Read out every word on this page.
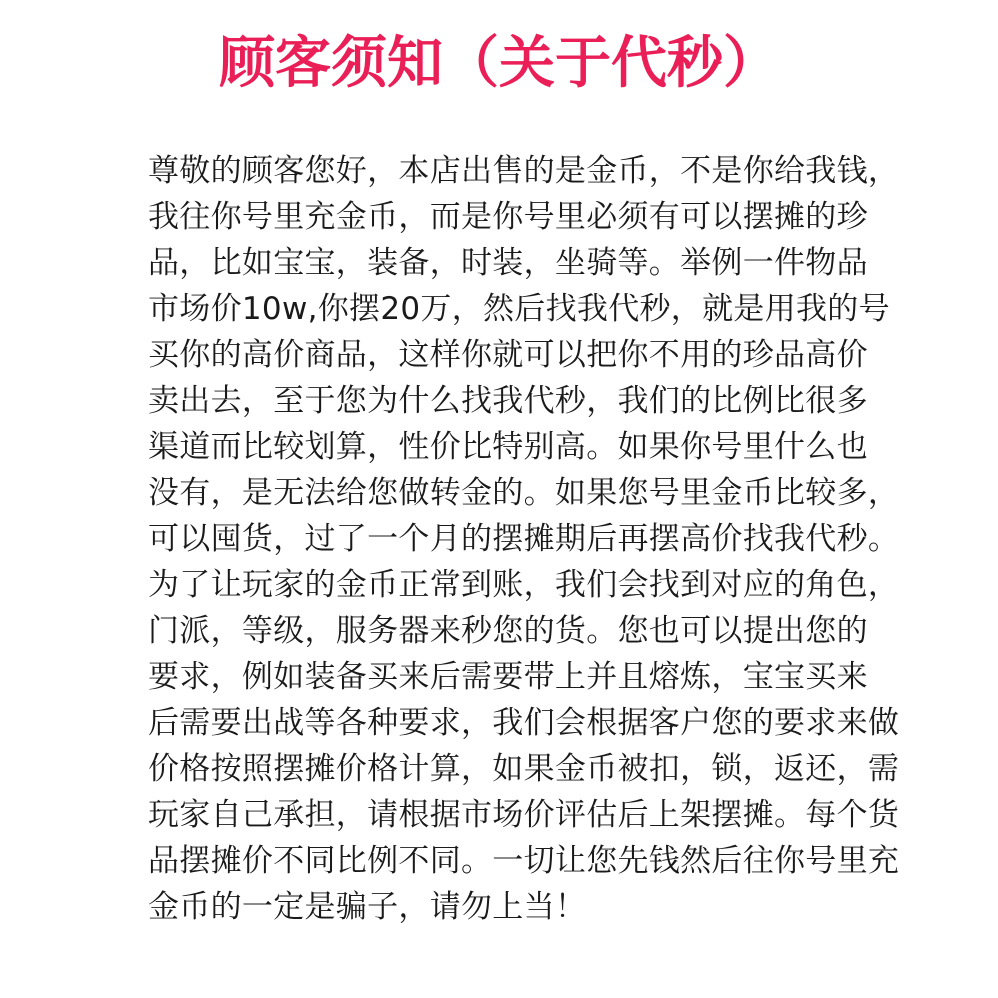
顾客须知（关于代秒）
尊敬的顾客您好，本店出售的是金币，不是你给我钱，
我往你号里充金币，而是你号里必须有可以摆摊的珍
品，比如宝宝，装备，时装，坐骑等。举例一件物品
市场价10w,你摆20万，然后找我代秒，就是用我的号
买你的高价商品，这样你就可以把你不用的珍品高价
卖出去，至于您为什么找我代秒，我们的比例比很多
渠道而比较划算，性价比特别高。如果你号里什么也
没有，是无法给您做转金的。如果您号里金币比较多，
可以囤货，过了一个月的摆摊期后再摆高价找我代秒。
为了让玩家的金币正常到账，我们会找到对应的角色，
门派，等级，服务器来秒您的货。您也可以提出您的
要求，例如装备买来后需要带上并且熔炼，宝宝买来
后需要出战等各种要求，我们会根据客户您的要求来做
价格按照摆摊价格计算，如果金币被扣，锁，返还，需
玩家自己承担，请根据市场价评估后上架摆摊。每个货
品摆摊价不同比例不同。一切让您先钱然后往你号里充
金币的一定是骗子，请勿上当！
